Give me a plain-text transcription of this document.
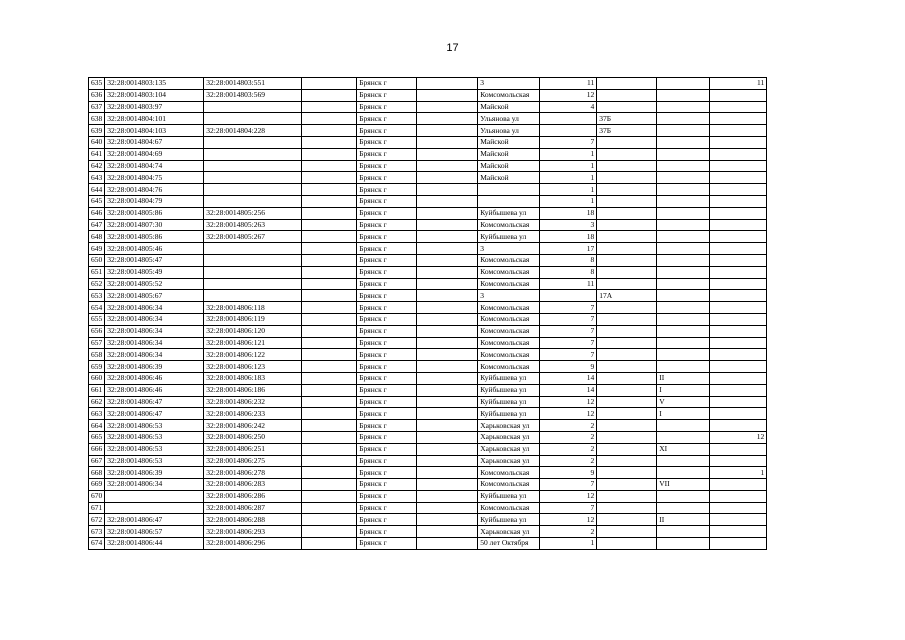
17
635	32:28:0014803:135	32:28:0014803:551		Брянск г		3	11			11
636	32:28:0014803:104	32:28:0014803:569		Брянск г		Комсомольская	12			
637	32:28:0014803:97			Брянск г		Майской	4			
638	32:28:0014804:101			Брянск г		Ульянова ул		37Б		
639	32:28:0014804:103	32:28:0014804:228		Брянск г		Ульянова ул		37Б		
640	32:28:0014804:67			Брянск г		Майской	7			
641	32:28:0014804:69			Брянск г		Майской	1			
642	32:28:0014804:74			Брянск г		Майской	1			
643	32:28:0014804:75			Брянск г		Майской	1			
644	32:28:0014804:76			Брянск г			1			
645	32:28:0014804:79			Брянск г			1			
646	32:28:0014805:86	32:28:0014805:256		Брянск г		Куйбышева ул	18			
647	32:28:0014807:30	32:28:0014805:263		Брянск г		Комсомольская	3			
648	32:28:0014805:86	32:28:0014805:267		Брянск г		Куйбышева ул	18			
649	32:28:0014805:46			Брянск г		3	17			
650	32:28:0014805:47			Брянск г		Комсомольская	8			
651	32:28:0014805:49			Брянск г		Комсомольская	8			
652	32:28:0014805:52			Брянск г		Комсомольская	11			
653	32:28:0014805:67			Брянск г		3		17А		
654	32:28:0014806:34	32:28:0014806:118		Брянск г		Комсомольская	7			
655	32:28:0014806:34	32:28:0014806:119		Брянск г		Комсомольская	7			
656	32:28:0014806:34	32:28:0014806:120		Брянск г		Комсомольская	7			
657	32:28:0014806:34	32:28:0014806:121		Брянск г		Комсомольская	7			
658	32:28:0014806:34	32:28:0014806:122		Брянск г		Комсомольская	7			
659	32:28:0014806:39	32:28:0014806:123		Брянск г		Комсомольская	9			
660	32:28:0014806:46	32:28:0014806:183		Брянск г		Куйбышева ул	14		II	
661	32:28:0014806:46	32:28:0014806:186		Брянск г		Куйбышева ул	14		I	
662	32:28:0014806:47	32:28:0014806:232		Брянск г		Куйбышева ул	12		V	
663	32:28:0014806:47	32:28:0014806:233		Брянск г		Куйбышева ул	12		I	
664	32:28:0014806:53	32:28:0014806:242		Брянск г		Харьковская ул	2			
665	32:28:0014806:53	32:28:0014806:250		Брянск г		Харьковская ул	2			12
666	32:28:0014806:53	32:28:0014806:251		Брянск г		Харьковская ул	2		XI	
667	32:28:0014806:53	32:28:0014806:275		Брянск г		Харьковская ул	2			
668	32:28:0014806:39	32:28:0014806:278		Брянск г		Комсомольская	9			1
669	32:28:0014806:34	32:28:0014806:283		Брянск г		Комсомольская	7		VII	
670		32:28:0014806:286		Брянск г		Куйбышева ул	12			
671		32:28:0014806:287		Брянск г		Комсомольская	7			
672	32:28:0014806:47	32:28:0014806:288		Брянск г		Куйбышева ул	12		II	
673	32:28:0014806:57	32:28:0014806:293		Брянск г		Харьковская ул	2			
674	32:28:0014806:44	32:28:0014806:296		Брянск г		50 лет Октября	1			
